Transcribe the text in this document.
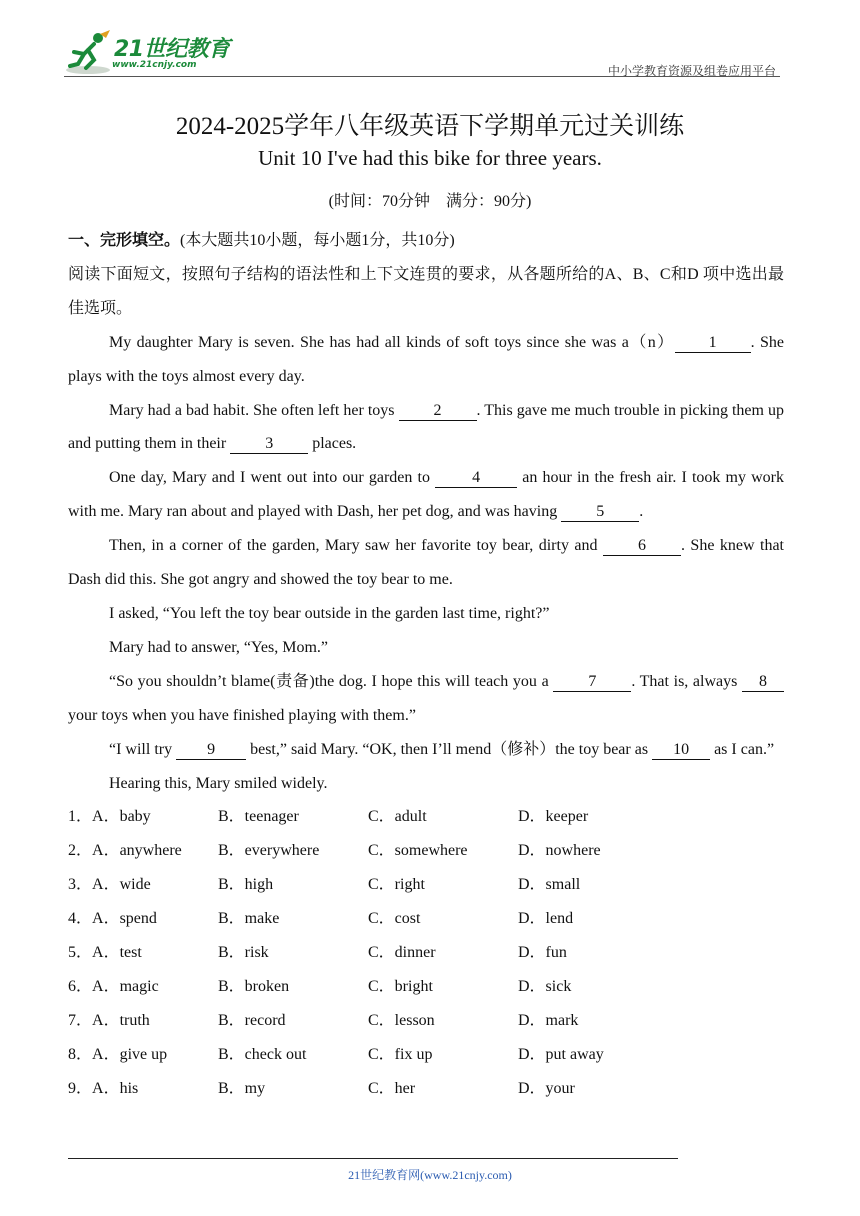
21世纪教育
www.21cnjy.com	中小学教育资源及组卷应用平台
2024-2025学年八年级英语下学期单元过关训练
Unit 10 I've had this bike for three years.
(时间：70分钟　满分：90分)

一、完形填空。(本大题共10小题，每小题1分，共10分)

阅读下面短文，按照句子结构的语法性和上下文连贯的要求，从各题所给的A、B、C和D 项中选出最佳选项。

My daughter Mary is seven. She has had all kinds of soft toys since she was a（n） 1 . She plays with the toys almost every day.

Mary had a bad habit. She often left her toys 2 . This gave me much trouble in picking them up and putting them in their 3 places.

One day, Mary and I went out into our garden to 4 an hour in the fresh air. I took my work with me. Mary ran about and played with Dash, her pet dog, and was having 5 .

Then, in a corner of the garden, Mary saw her favorite toy bear, dirty and 6 . She knew that Dash did this. She got angry and showed the toy bear to me.

I asked, “You left the toy bear outside in the garden last time, right?”

Mary had to answer, “Yes, Mom.”

“So you shouldn’t blame(责备)the dog. I hope this will teach you a 7 . That is, always 8 your toys when you have finished playing with them.”

“I will try 9 best,” said Mary. “OK, then I’ll mend（修补）the toy bear as 10 as I can.”

Hearing this, Mary smiled widely.

1．A．baby	B．teenager	C．adult	D．keeper
2．A．anywhere	B．everywhere	C．somewhere	D．nowhere
3．A．wide	B．high	C．right	D．small
4．A．spend	B．make	C．cost	D．lend
5．A．test	B．risk	C．dinner	D．fun
6．A．magic	B．broken	C．bright	D．sick
7．A．truth	B．record	C．lesson	D．mark
8．A．give up	B．check out	C．fix up	D．put away
9．A．his	B．my	C．her	D．your
21世纪教育网(www.21cnjy.com)
